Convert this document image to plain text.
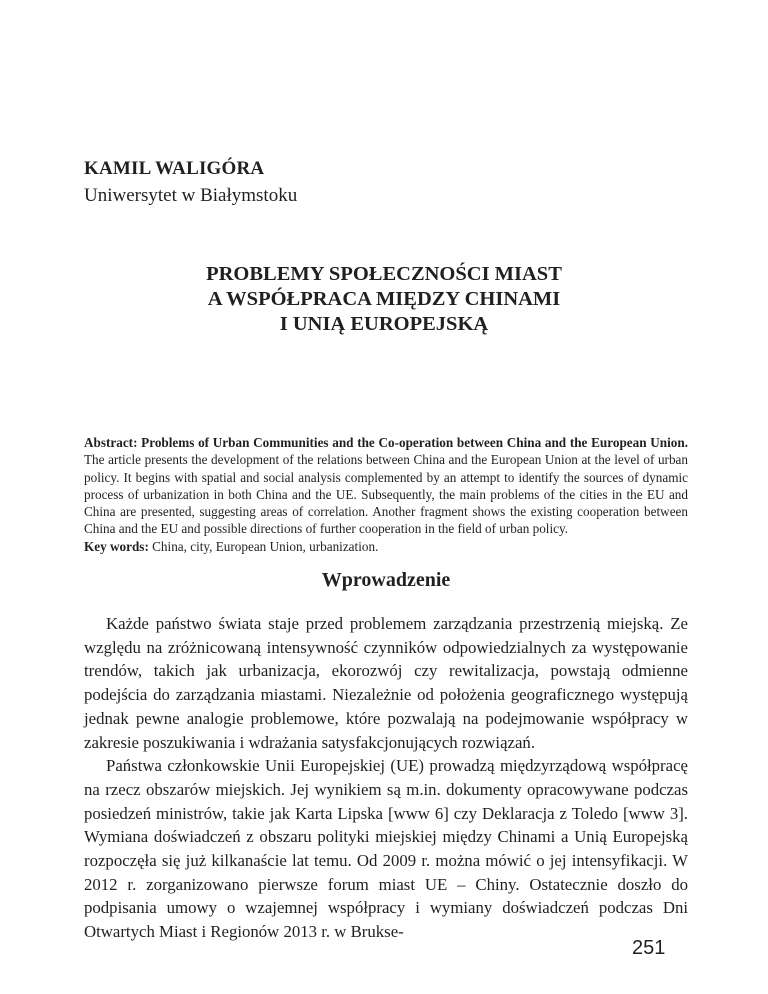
KAMIL WALIGÓRA
Uniwersytet w Białymstoku
PROBLEMY SPOŁECZNOŚCI MIAST
A WSPÓŁPRACA MIĘDZY CHINAMI
I UNIĄ EUROPEJSKĄ
Abstract: Problems of Urban Communities and the Co-operation between China and the European Union. The article presents the development of the relations between China and the European Union at the level of urban policy. It begins with spatial and social analysis complemented by an attempt to identify the sources of dynamic process of urbanization in both China and the UE. Subsequently, the main problems of the cities in the EU and China are presented, suggesting areas of correlation. Another fragment shows the existing cooperation between China and the EU and possible directions of further cooperation in the field of urban policy.
Key words: China, city, European Union, urbanization.
Wprowadzenie

Każde państwo świata staje przed problemem zarządzania przestrzenią miejską. Ze względu na zróżnicowaną intensywność czynników odpowiedzialnych za występowanie trendów, takich jak urbanizacja, ekorozwój czy rewitalizacja, powstają odmienne podejścia do zarządzania miastami. Niezależnie od położenia geograficznego występują jednak pewne analogie problemowe, które pozwalają na podejmowanie współpracy w zakresie poszukiwania i wdrażania satysfakcjonujących rozwiązań.

Państwa członkowskie Unii Europejskiej (UE) prowadzą międzyrządową współpracę na rzecz obszarów miejskich. Jej wynikiem są m.in. dokumenty opracowywane podczas posiedzeń ministrów, takie jak Karta Lipska [www 6] czy Deklaracja z Toledo [www 3]. Wymiana doświadczeń z obszaru polityki miejskiej między Chinami a Unią Europejską rozpoczęła się już kilkanaście lat temu. Od 2009 r. można mówić o jej intensyfikacji. W 2012 r. zorganizowano pierwsze forum miast UE – Chiny. Ostatecznie doszło do podpisania umowy o wzajemnej współpracy i wymiany doświadczeń podczas Dni Otwartych Miast i Regionów 2013 r. w Bruksе-

251
